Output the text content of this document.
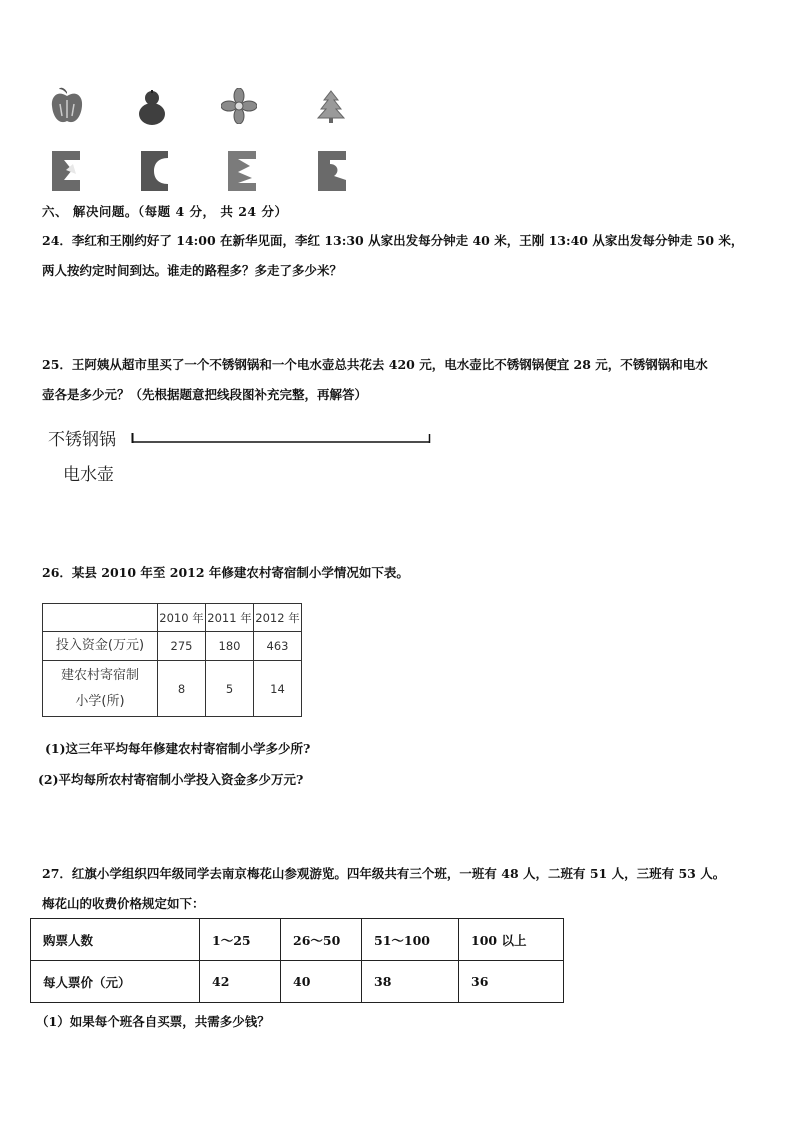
六、 解决问题。（每题 4 分， 共 24 分）
24．李红和王刚约好了 14:00 在新华见面，李红 13:30 从家出发每分钟走 40 米，王刚 13:40 从家出发每分钟走 50 米，
两人按约定时间到达。谁走的路程多？多走了多少米？
25．王阿姨从超市里买了一个不锈钢锅和一个电水壶总共花去 420 元，电水壶比不锈钢锅便宜 28 元，不锈钢锅和电水
壶各是多少元？（先根据题意把线段图补充完整，再解答）
不锈钢锅
电水壶
26．某县 2010 年至 2012 年修建农村寄宿制小学情况如下表。
	2010 年	2011 年	2012 年
投入资金(万元)	275	180	463

建农村寄宿制
小学(所)	8	5	14
(1)这三年平均每年修建农村寄宿制小学多少所?
(2)平均每所农村寄宿制小学投入资金多少万元?
27．红旗小学组织四年级同学去南京梅花山参观游览。四年级共有三个班，一班有 48 人，二班有 51 人，三班有 53 人。
梅花山的收费价格规定如下：
购票人数	1～25	26～50	51～100	100 以上
每人票价（元）	42	40	38	36
（1）如果每个班各自买票，共需多少钱？
